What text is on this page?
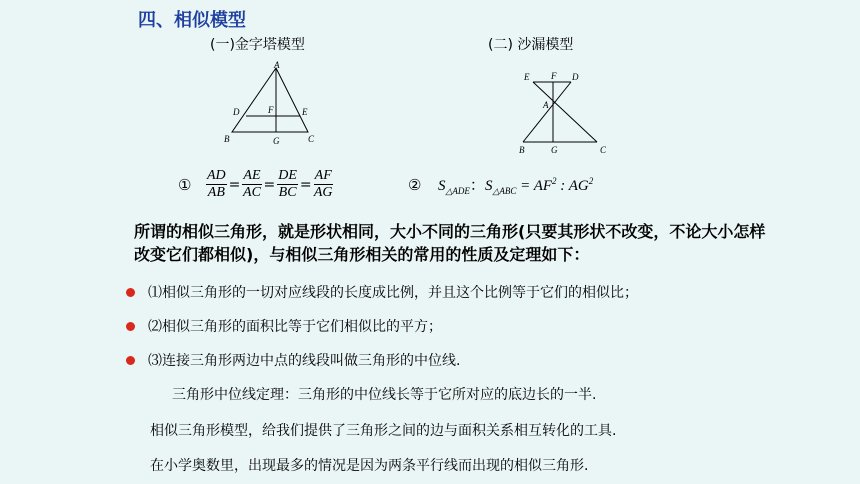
四、相似模型
(一)金字塔模型	(二) 沙漏模型
A
D	F	E
B	G	C
E F D
A
B	G	C
① $\frac{AD}{AB} = \frac{AE}{AC} = \frac{DE}{BC} = \frac{AF}{AG}$	② $S_{\triangle ADE}$：$S_{\triangle ABC} = AF^2$ : $AG^2$
所谓的相似三角形，就是形状相同，大小不同的三角形(只要其形状不改变，不论大小怎样改变它们都相似)，与相似三角形相关的常用的性质及定理如下：
⑴相似三角形的一切对应线段的长度成比例，并且这个比例等于它们的相似比；
⑵相似三角形的面积比等于它们相似比的平方；
⑶连接三角形两边中点的线段叫做三角形的中位线.
三角形中位线定理：三角形的中位线长等于它所对应的底边长的一半.
相似三角形模型，给我们提供了三角形之间的边与面积关系相互转化的工具.
在小学奥数里，出现最多的情况是因为两条平行线而出现的相似三角形.
